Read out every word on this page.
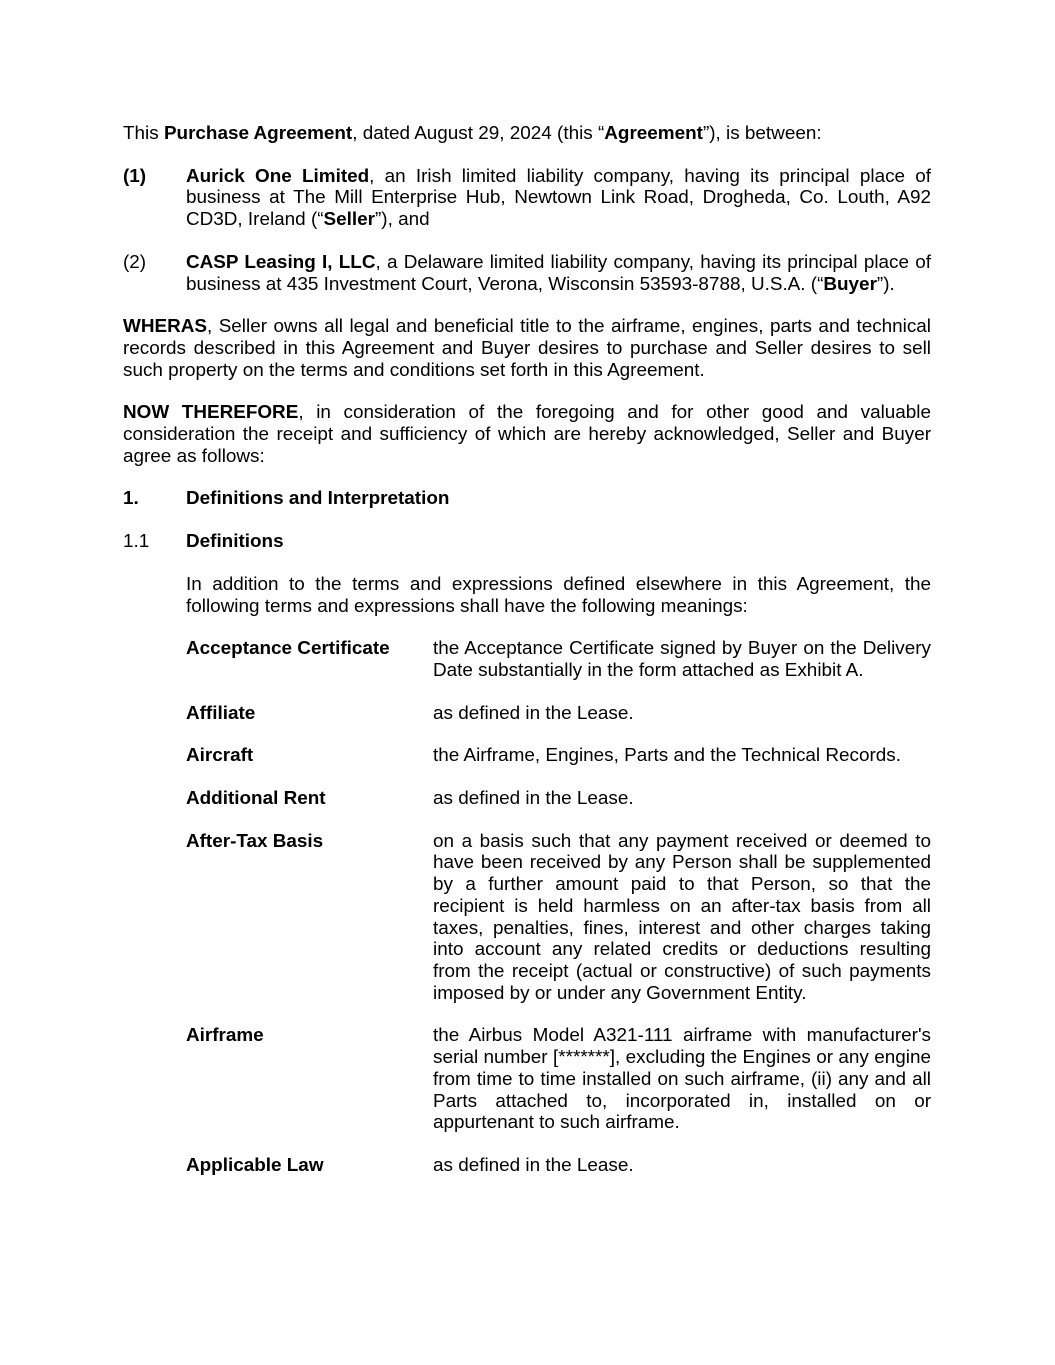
This Purchase Agreement, dated August 29, 2024 (this “Agreement”), is between:

(1)	Aurick One Limited, an Irish limited liability company, having its principal place of business at The Mill Enterprise Hub, Newtown Link Road, Drogheda, Co. Louth, A92 CD3D, Ireland (“Seller”), and

(2)	CASP Leasing I, LLC, a Delaware limited liability company, having its principal place of business at 435 Investment Court, Verona, Wisconsin 53593-8788, U.S.A. (“Buyer”).

WHERAS, Seller owns all legal and beneficial title to the airframe, engines, parts and technical records described in this Agreement and Buyer desires to purchase and Seller desires to sell such property on the terms and conditions set forth in this Agreement.

NOW THEREFORE, in consideration of the foregoing and for other good and valuable consideration the receipt and sufficiency of which are hereby acknowledged, Seller and Buyer agree as follows:

1.	Definitions and Interpretation
1.1	Definitions

In addition to the terms and expressions defined elsewhere in this Agreement, the following terms and expressions shall have the following meanings:

Acceptance Certificate	the Acceptance Certificate signed by Buyer on the Delivery Date substantially in the form attached as Exhibit A.

Affiliate	as defined in the Lease.

Aircraft	the Airframe, Engines, Parts and the Technical Records.

Additional Rent	as defined in the Lease.

After-Tax Basis	on a basis such that any payment received or deemed to have been received by any Person shall be supplemented by a further amount paid to that Person, so that the recipient is held harmless on an after-tax basis from all taxes, penalties, fines, interest and other charges taking into account any related credits or deductions resulting from the receipt (actual or constructive) of such payments imposed by or under any Government Entity.

Airframe	the Airbus Model A321-111 airframe with manufacturer's serial number [*******], excluding the Engines or any engine from time to time installed on such airframe, (ii) any and all Parts attached to, incorporated in, installed on or appurtenant to such airframe.

Applicable Law	as defined in the Lease.
